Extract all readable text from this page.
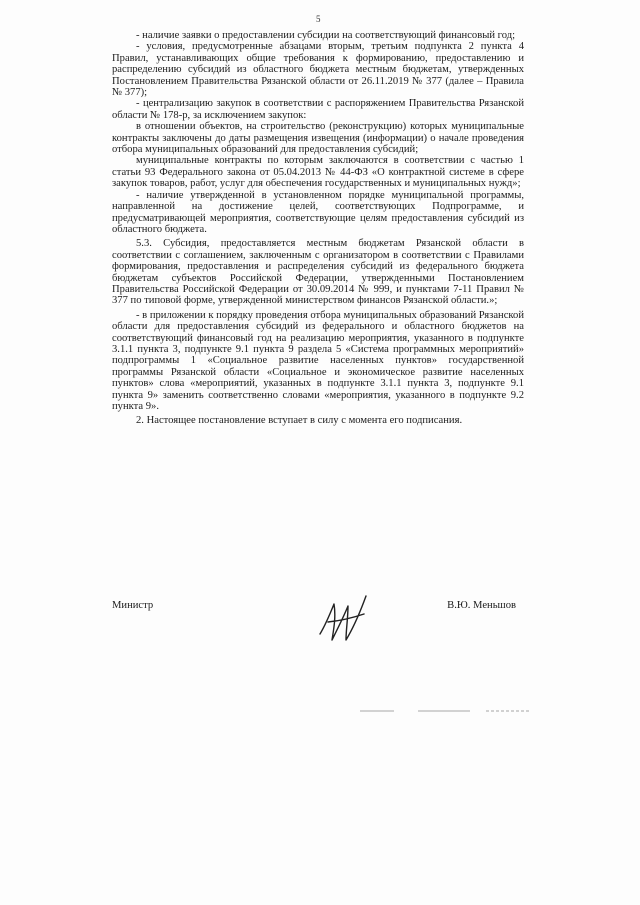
5

- наличие заявки о предоставлении субсидии на соответствующий финансовый год;

- условия, предусмотренные абзацами вторым, третьим подпункта 2 пункта 4 Правил, устанавливающих общие требования к формированию, предоставлению и распределению субсидий из областного бюджета местным бюджетам, утвержденных Постановлением Правительства Рязанской области от 26.11.2019 № 377 (далее – Правила № 377);

- централизацию закупок в соответствии с распоряжением Правительства Рязанской области № 178-р, за исключением закупок:

в отношении объектов, на строительство (реконструкцию) которых муниципальные контракты заключены до даты размещения извещения (информации) о начале проведения отбора муниципальных образований для предоставления субсидий;

муниципальные контракты по которым заключаются в соответствии с частью 1 статьи 93 Федерального закона от 05.04.2013 № 44-ФЗ «О контрактной системе в сфере закупок товаров, работ, услуг для обеспечения государственных и муниципальных нужд»;

- наличие утвержденной в установленном порядке муниципальной программы, направленной на достижение целей, соответствующих Подпрограмме, и предусматривающей мероприятия, соответствующие целям предоставления субсидий из областного бюджета.

5.3. Субсидия, предоставляется местным бюджетам Рязанской области в соответствии с соглашением, заключенным с организатором в соответствии с Правилами формирования, предоставления и распределения субсидий из федерального бюджета бюджетам субъектов Российской Федерации, утвержденными Постановлением Правительства Российской Федерации от 30.09.2014 № 999, и пунктами 7-11 Правил № 377 по типовой форме, утвержденной министерством финансов Рязанской области.»;

- в приложении к порядку проведения отбора муниципальных образований Рязанской области для предоставления субсидий из федерального и областного бюджетов на соответствующий финансовый год на реализацию мероприятия, указанного в подпункте 3.1.1 пункта 3, подпункте 9.1 пункта 9 раздела 5 «Система программных мероприятий» подпрограммы 1 «Социальное развитие населенных пунктов» государственной программы Рязанской области «Социальное и экономическое развитие населенных пунктов» слова «мероприятий, указанных в подпункте 3.1.1 пункта 3, подпункте 9.1 пункта 9» заменить соответственно словами «мероприятия, указанного в подпункте 9.2 пункта 9».

2. Настоящее постановление вступает в силу с момента его подписания.

Министр	В.Ю. Меньшов
